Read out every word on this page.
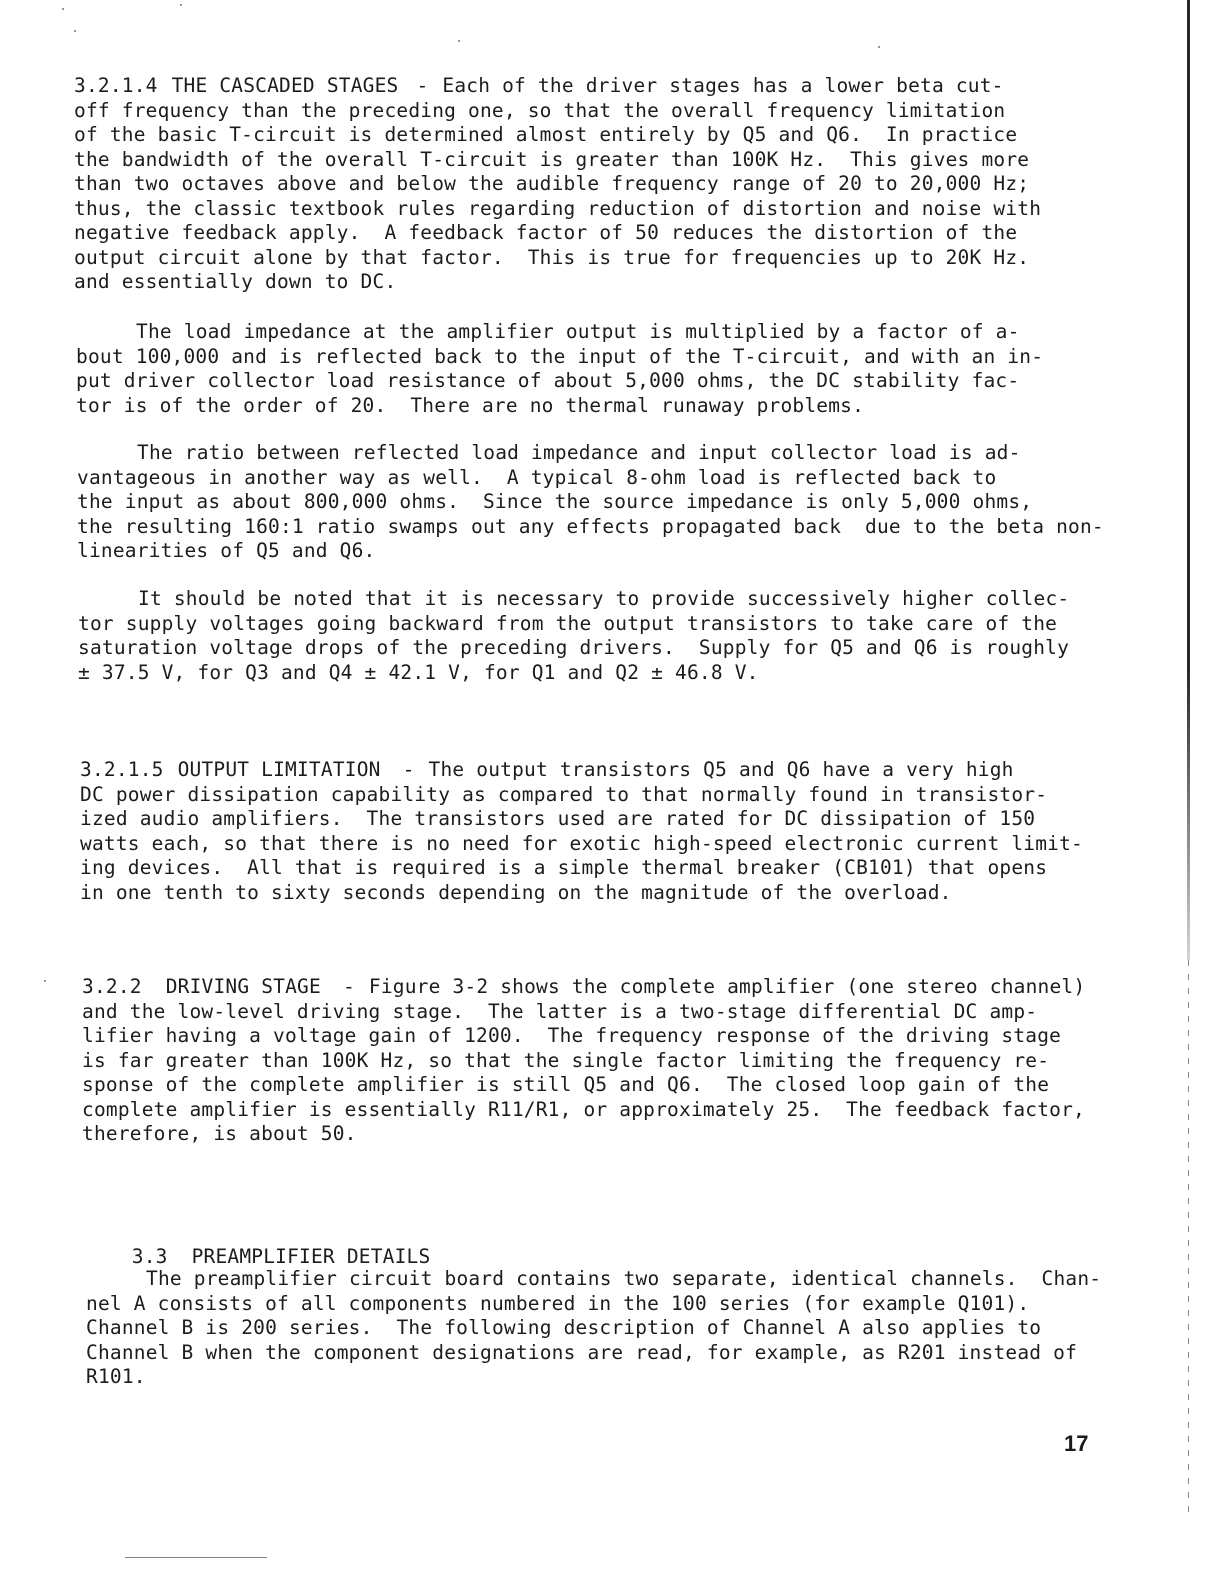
3.2.1.4 THE CASCADED STAGES - Each of the driver stages has a lower beta cut-
off frequency than the preceding one, so that the overall frequency limitation
of the basic T-circuit is determined almost entirely by Q5 and Q6.  In practice
the bandwidth of the overall T-circuit is greater than 100K Hz.  This gives more
than two octaves above and below the audible frequency range of 20 to 20,000 Hz;
thus, the classic textbook rules regarding reduction of distortion and noise with
negative feedback apply.  A feedback factor of 50 reduces the distortion of the
output circuit alone by that factor.  This is true for frequencies up to 20K Hz.
and essentially down to DC.
The load impedance at the amplifier output is multiplied by a factor of a-
bout 100,000 and is reflected back to the input of the T-circuit, and with an in-
put driver collector load resistance of about 5,000 ohms, the DC stability fac-
tor is of the order of 20.  There are no thermal runaway problems.
The ratio between reflected load impedance and input collector load is ad-
vantageous in another way as well.  A typical 8-ohm load is reflected back to
the input as about 800,000 ohms.  Since the source impedance is only 5,000 ohms,
the resulting 160:1 ratio swamps out any effects propagated back  due to the beta non-
linearities of Q5 and Q6.
It should be noted that it is necessary to provide successively higher collec-
tor supply voltages going backward from the output transistors to take care of the
saturation voltage drops of the preceding drivers.  Supply for Q5 and Q6 is roughly
± 37.5 V, for Q3 and Q4 ± 42.1 V, for Q1 and Q2 ± 46.8 V.
3.2.1.5 OUTPUT LIMITATION - The output transistors Q5 and Q6 have a very high
DC power dissipation capability as compared to that normally found in transistor-
ized audio amplifiers.  The transistors used are rated for DC dissipation of 150
watts each, so that there is no need for exotic high-speed electronic current limit-
ing devices.  All that is required is a simple thermal breaker (CB101) that opens
in one tenth to sixty seconds depending on the magnitude of the overload.
3.2.2 DRIVING STAGE - Figure 3-2 shows the complete amplifier (one stereo channel)
and the low-level driving stage.  The latter is a two-stage differential DC amp-
lifier having a voltage gain of 1200.  The frequency response of the driving stage
is far greater than 100K Hz, so that the single factor limiting the frequency re-
sponse of the complete amplifier is still Q5 and Q6.  The closed loop gain of the
complete amplifier is essentially R11/R1, or approximately 25.  The feedback factor,
therefore, is about 50.

3.3 PREAMPLIFIER DETAILS

The preamplifier circuit board contains two separate, identical channels.  Chan-
nel A consists of all components numbered in the 100 series (for example Q101).
Channel B is 200 series.  The following description of Channel A also applies to
Channel B when the component designations are read, for example, as R201 instead of
R101.
17
